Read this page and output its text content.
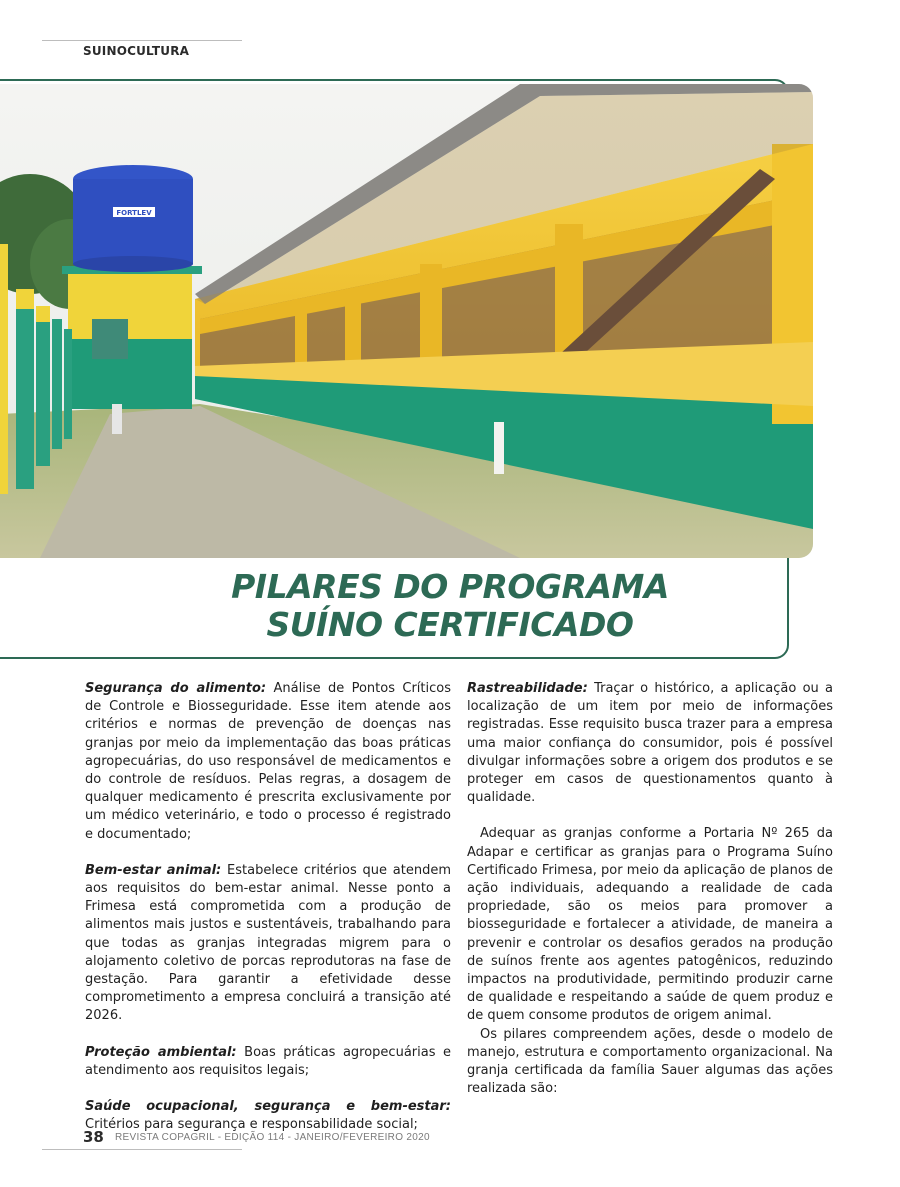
SUINOCULTURA
FORTLEV
PILARES DO PROGRAMA
SUÍNO CERTIFICADO

Segurança do alimento: Análise de Pontos Críticos de Controle e Biosseguridade. Esse item atende aos critérios e normas de prevenção de doenças nas granjas por meio da implementação das boas práticas agropecuárias, do uso responsável de medicamentos e do controle de resíduos. Pelas regras, a dosagem de qualquer medicamento é prescrita exclusivamente por um médico veterinário, e todo o processo é registrado e documentado;

Bem-estar animal: Estabelece critérios que atendem aos requisitos do bem-estar animal. Nesse ponto a Frimesa está comprometida com a produção de alimentos mais justos e sustentáveis, trabalhando para que todas as granjas integradas migrem para o alojamento coletivo de porcas reprodutoras na fase de gestação. Para garantir a efetividade desse comprometimento a empresa concluirá a transição até 2026.

Proteção ambiental: Boas práticas agropecuárias e atendimento aos requisitos legais;

Saúde ocupacional, segurança e bem-estar: Critérios para segurança e responsabilidade social;

Rastreabilidade: Traçar o histórico, a aplicação ou a localização de um item por meio de informações registradas. Esse requisito busca trazer para a empresa uma maior confiança do consumidor, pois é possível divulgar informações sobre a origem dos produtos e se proteger em casos de questionamentos quanto à qualidade.

Adequar as granjas conforme a Portaria Nº 265 da Adapar e certificar as granjas para o Programa Suíno Certificado Frimesa, por meio da aplicação de planos de ação individuais, adequando a realidade de cada propriedade, são os meios para promover a biosseguridade e fortalecer a atividade, de maneira a prevenir e controlar os desafios gerados na produção de suínos frente aos agentes patogênicos, reduzindo impactos na produtividade, permitindo produzir carne de qualidade e respeitando a saúde de quem produz e de quem consome produtos de origem animal.

Os pilares compreendem ações, desde o modelo de manejo, estrutura e comportamento organizacional. Na granja certificada da família Sauer algumas das ações realizada são:

38 REVISTA COPAGRIL - EDIÇÃO 114 - JANEIRO/FEVEREIRO 2020
